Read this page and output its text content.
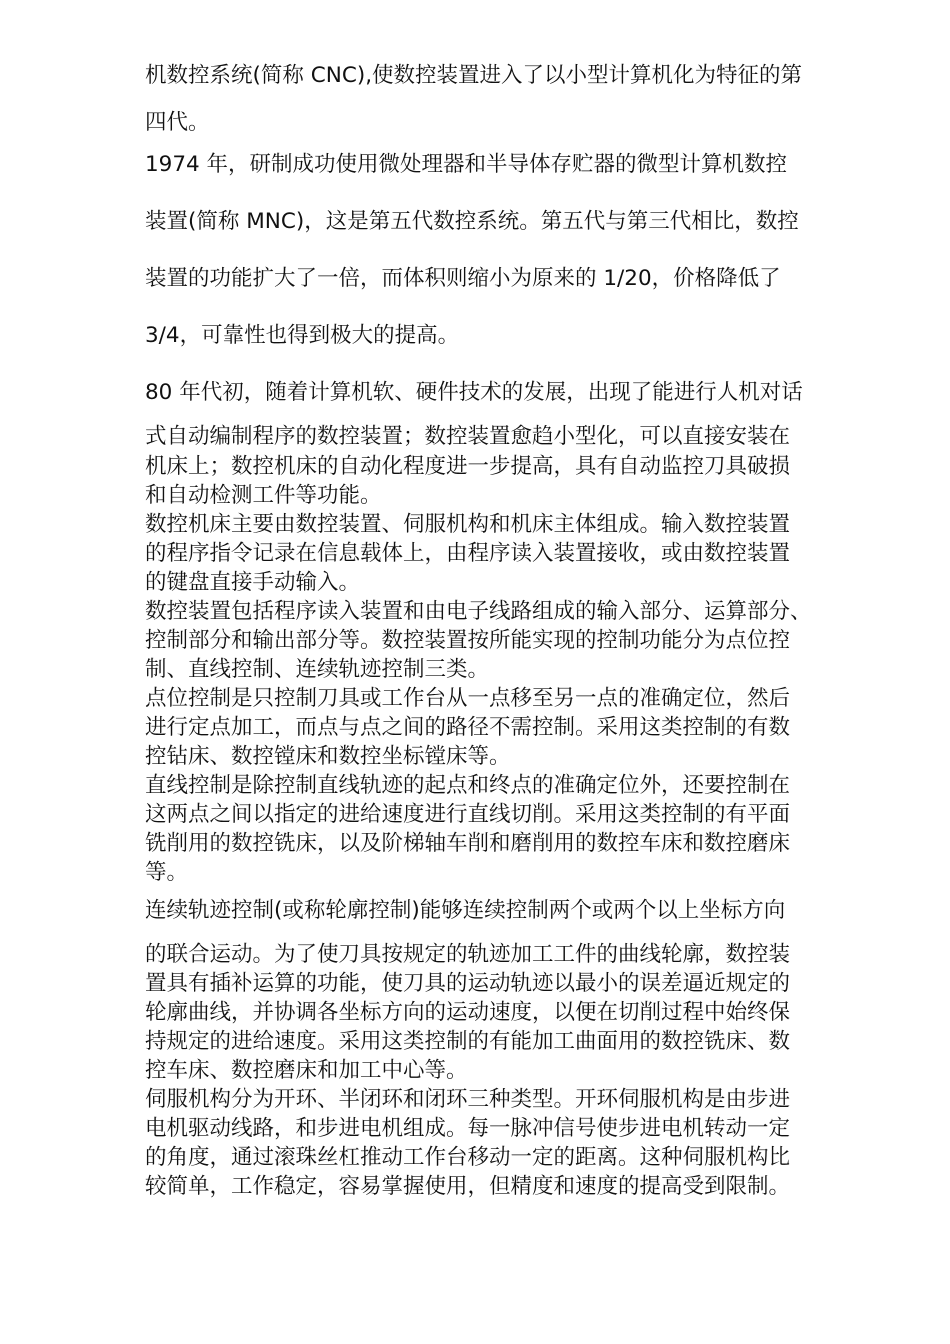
机数控系统(简称 CNC),使数控装置进入了以小型计算机化为特征的第
四代。
1974 年，研制成功使用微处理器和半导体存贮器的微型计算机数控
装置(简称 MNC)，这是第五代数控系统。第五代与第三代相比，数控
装置的功能扩大了一倍，而体积则缩小为原来的 1/20，价格降低了
3/4，可靠性也得到极大的提高。
80 年代初，随着计算机软、硬件技术的发展，出现了能进行人机对话
式自动编制程序的数控装置；数控装置愈趋小型化，可以直接安装在
机床上；数控机床的自动化程度进一步提高，具有自动监控刀具破损
和自动检测工件等功能。
数控机床主要由数控装置、伺服机构和机床主体组成。输入数控装置
的程序指令记录在信息载体上，由程序读入装置接收，或由数控装置
的键盘直接手动输入。
数控装置包括程序读入装置和由电子线路组成的输入部分、运算部分、
控制部分和输出部分等。数控装置按所能实现的控制功能分为点位控
制、直线控制、连续轨迹控制三类。
点位控制是只控制刀具或工作台从一点移至另一点的准确定位，然后
进行定点加工，而点与点之间的路径不需控制。采用这类控制的有数
控钻床、数控镗床和数控坐标镗床等。
直线控制是除控制直线轨迹的起点和终点的准确定位外，还要控制在
这两点之间以指定的进给速度进行直线切削。采用这类控制的有平面
铣削用的数控铣床，以及阶梯轴车削和磨削用的数控车床和数控磨床
等。
连续轨迹控制(或称轮廓控制)能够连续控制两个或两个以上坐标方向
的联合运动。为了使刀具按规定的轨迹加工工件的曲线轮廓，数控装
置具有插补运算的功能，使刀具的运动轨迹以最小的误差逼近规定的
轮廓曲线，并协调各坐标方向的运动速度，以便在切削过程中始终保
持规定的进给速度。采用这类控制的有能加工曲面用的数控铣床、数
控车床、数控磨床和加工中心等。
伺服机构分为开环、半闭环和闭环三种类型。开环伺服机构是由步进
电机驱动线路，和步进电机组成。每一脉冲信号使步进电机转动一定
的角度，通过滚珠丝杠推动工作台移动一定的距离。这种伺服机构比
较简单，工作稳定，容易掌握使用，但精度和速度的提高受到限制。
